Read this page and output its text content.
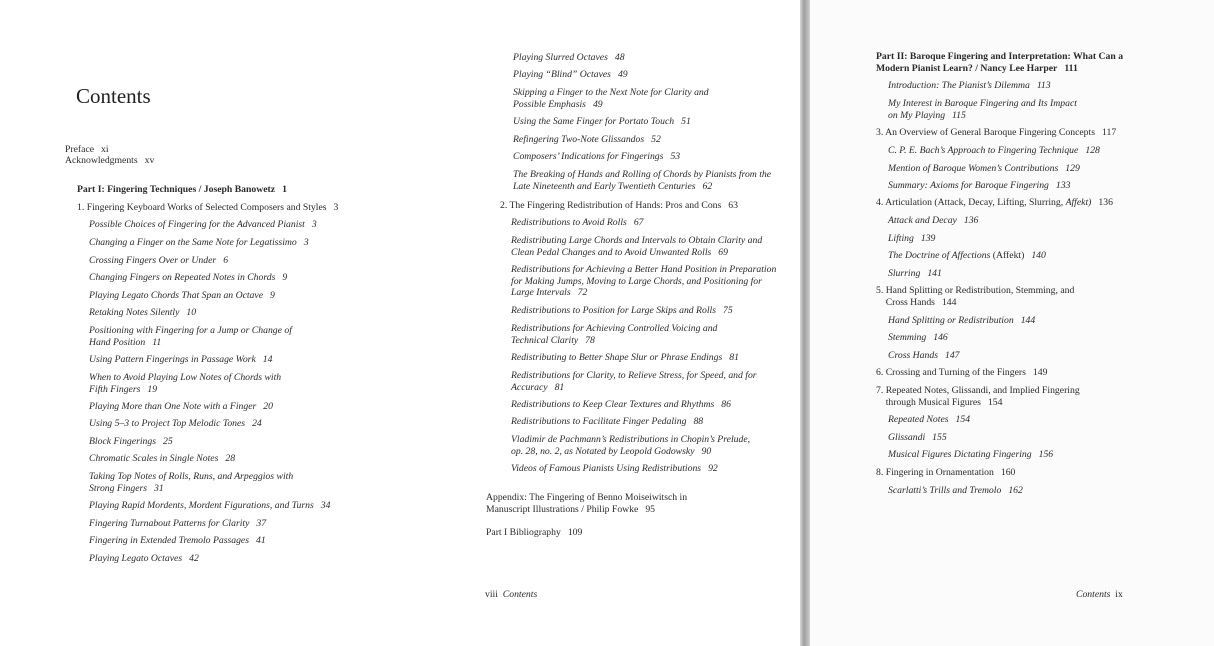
Contents
Preface xi
Acknowledgments xv
Part I: Fingering Techniques / Joseph Banowetz 1
1. Fingering Keyboard Works of Selected Composers and Styles 3
Possible Choices of Fingering for the Advanced Pianist 3
Changing a Finger on the Same Note for Legatissimo 3
Crossing Fingers Over or Under 6
Changing Fingers on Repeated Notes in Chords 9
Playing Legato Chords That Span an Octave 9
Retaking Notes Silently 10
Positioning with Fingering for a Jump or Change of
Hand Position 11
Using Pattern Fingerings in Passage Work 14
When to Avoid Playing Low Notes of Chords with
Fifth Fingers 19
Playing More than One Note with a Finger 20
Using 5–3 to Project Top Melodic Tones 24
Block Fingerings 25
Chromatic Scales in Single Notes 28
Taking Top Notes of Rolls, Runs, and Arpeggios with
Strong Fingers 31
Playing Rapid Mordents, Mordent Figurations, and Turns 34
Fingering Turnabout Patterns for Clarity 37
Fingering in Extended Tremolo Passages 41
Playing Legato Octaves 42
Playing Slurred Octaves 48
Playing “Blind” Octaves 49
Skipping a Finger to the Next Note for Clarity and
Possible Emphasis 49
Using the Same Finger for Portato Touch 51
Refingering Two-Note Glissandos 52
Composers’ Indications for Fingerings 53
The Breaking of Hands and Rolling of Chords by Pianists from the
Late Nineteenth and Early Twentieth Centuries 62
2. The Fingering Redistribution of Hands: Pros and Cons 63
Redistributions to Avoid Rolls 67
Redistributing Large Chords and Intervals to Obtain Clarity and
Clean Pedal Changes and to Avoid Unwanted Rolls 69
Redistributions for Achieving a Better Hand Position in Preparation
for Making Jumps, Moving to Large Chords, and Positioning for
Large Intervals 72
Redistributions to Position for Large Skips and Rolls 75
Redistributions for Achieving Controlled Voicing and
Technical Clarity 78
Redistributing to Better Shape Slur or Phrase Endings 81
Redistributions for Clarity, to Relieve Stress, for Speed, and for
Accuracy 81
Redistributions to Keep Clear Textures and Rhythms 86
Redistributions to Facilitate Finger Pedaling 88
Vladimir de Pachmann’s Redistributions in Chopin’s Prelude,
op. 28, no. 2, as Notated by Leopold Godowsky 90
Videos of Famous Pianists Using Redistributions 92
Appendix: The Fingering of Benno Moiseiwitsch in
Manuscript Illustrations / Philip Fowke 95
Part I Bibliography 109
viii Contents
Part II: Baroque Fingering and Interpretation: What Can a
Modern Pianist Learn? / Nancy Lee Harper 111
Introduction: The Pianist’s Dilemma 113
My Interest in Baroque Fingering and Its Impact
on My Playing 115
3. An Overview of General Baroque Fingering Concepts 117
C. P. E. Bach’s Approach to Fingering Technique 128
Mention of Baroque Women’s Contributions 129
Summary: Axioms for Baroque Fingering 133
4. Articulation (Attack, Decay, Lifting, Slurring, Affekt) 136
Attack and Decay 136
Lifting 139
The Doctrine of Affections (Affekt) 140
Slurring 141
5. Hand Splitting or Redistribution, Stemming, and
Cross Hands 144
Hand Splitting or Redistribution 144
Stemming 146
Cross Hands 147
6. Crossing and Turning of the Fingers 149
7. Repeated Notes, Glissandi, and Implied Fingering
through Musical Figures 154
Repeated Notes 154
Glissandi 155
Musical Figures Dictating Fingering 156
8. Fingering in Ornamentation 160
Scarlatti’s Trills and Tremolo 162
Contents ix
